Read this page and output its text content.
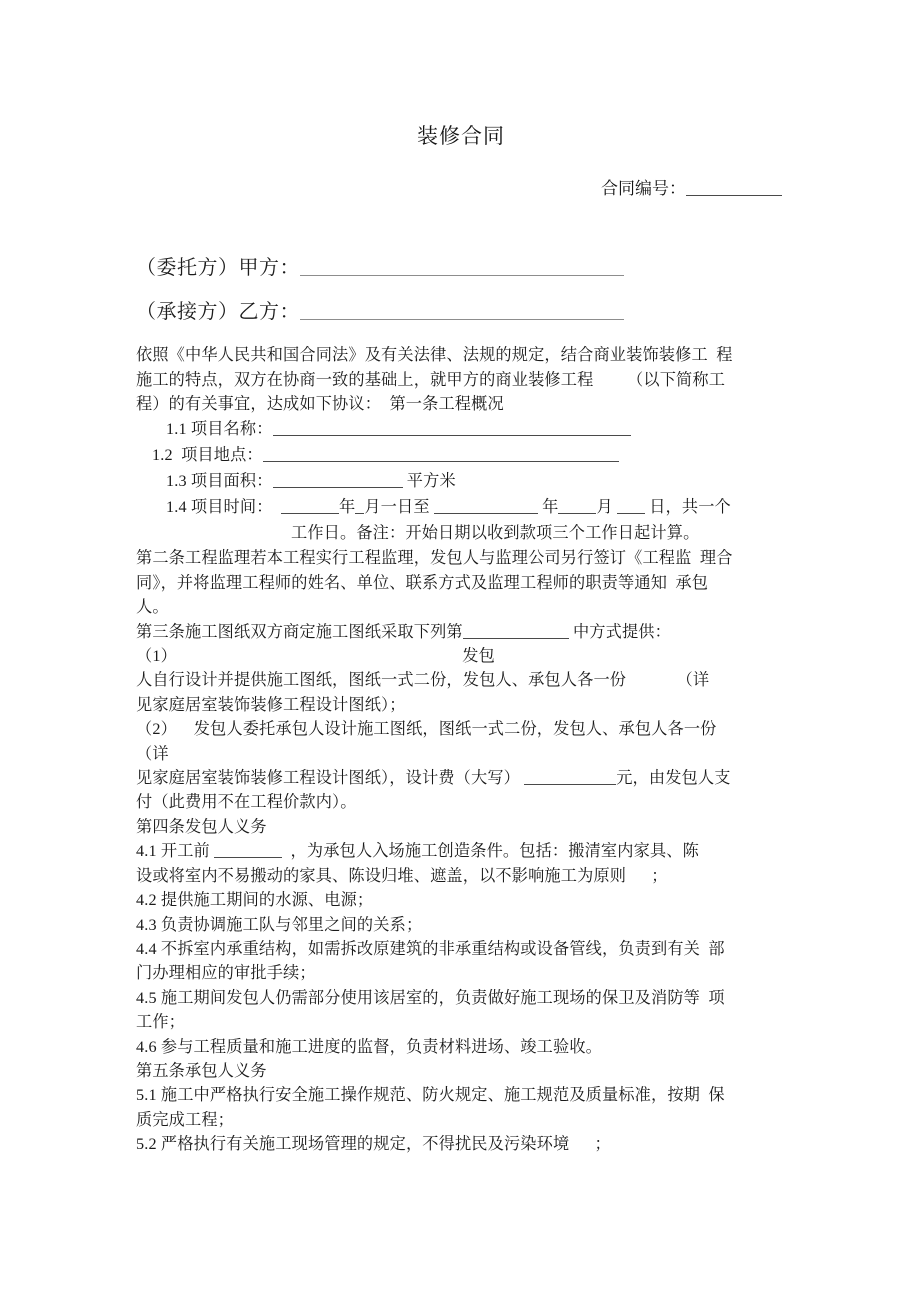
装修合同
合同编号：
（委托方）甲方：
（承接方）乙方：

依照《中华人民共和国合同法》及有关法律、法规的规定，结合商业装饰装修工  程

施工的特点，双方在协商一致的基础上，就甲方的商业装修工程        （以下简称工

程）的有关事宜，达成如下协议：  第一条工程概况

1.1 项目名称：

1.2  项目地点：

1.3 项目面积：	平方米

1.4 项目时间：	年 月一日至	年 月 日，共一个

工作日。备注：开始日期以收到款项三个工作日起计算。

第二条工程监理若本工程实行工程监理，发包人与监理公司另行签订《工程监  理合

同》，并将监理工程师的姓名、单位、联系方式及监理工程师的职责等通知  承包

人。

第三条施工图纸双方商定施工图纸采取下列第	中方式提供：

（1）                                                                    发包

人自行设计并提供施工图纸，图纸一式二份，发包人、承包人各一份            （详

见家庭居室装饰装修工程设计图纸）；

（2）    发包人委托承包人设计施工图纸，图纸一式二份，发包人、承包人各一份

（详

见家庭居室装饰装修工程设计图纸），设计费（大写）	元，由发包人支

付（此费用不在工程价款内）。

第四条发包人义务

4.1 开工前	，为承包人入场施工创造条件。包括：搬清室内家具、陈

设或将室内不易搬动的家具、陈设归堆、遮盖，以不影响施工为原则      ；

4.2 提供施工期间的水源、电源；

4.3 负责协调施工队与邻里之间的关系；

4.4 不拆室内承重结构，如需拆改原建筑的非承重结构或设备管线，负责到有关  部

门办理相应的审批手续；

4.5 施工期间发包人仍需部分使用该居室的，负责做好施工现场的保卫及消防等  项

工作；

4.6 参与工程质量和施工进度的监督，负责材料进场、竣工验收。

第五条承包人义务

5.1 施工中严格执行安全施工操作规范、防火规定、施工规范及质量标准，按期  保

质完成工程；

5.2 严格执行有关施工现场管理的规定，不得扰民及污染环境      ；
